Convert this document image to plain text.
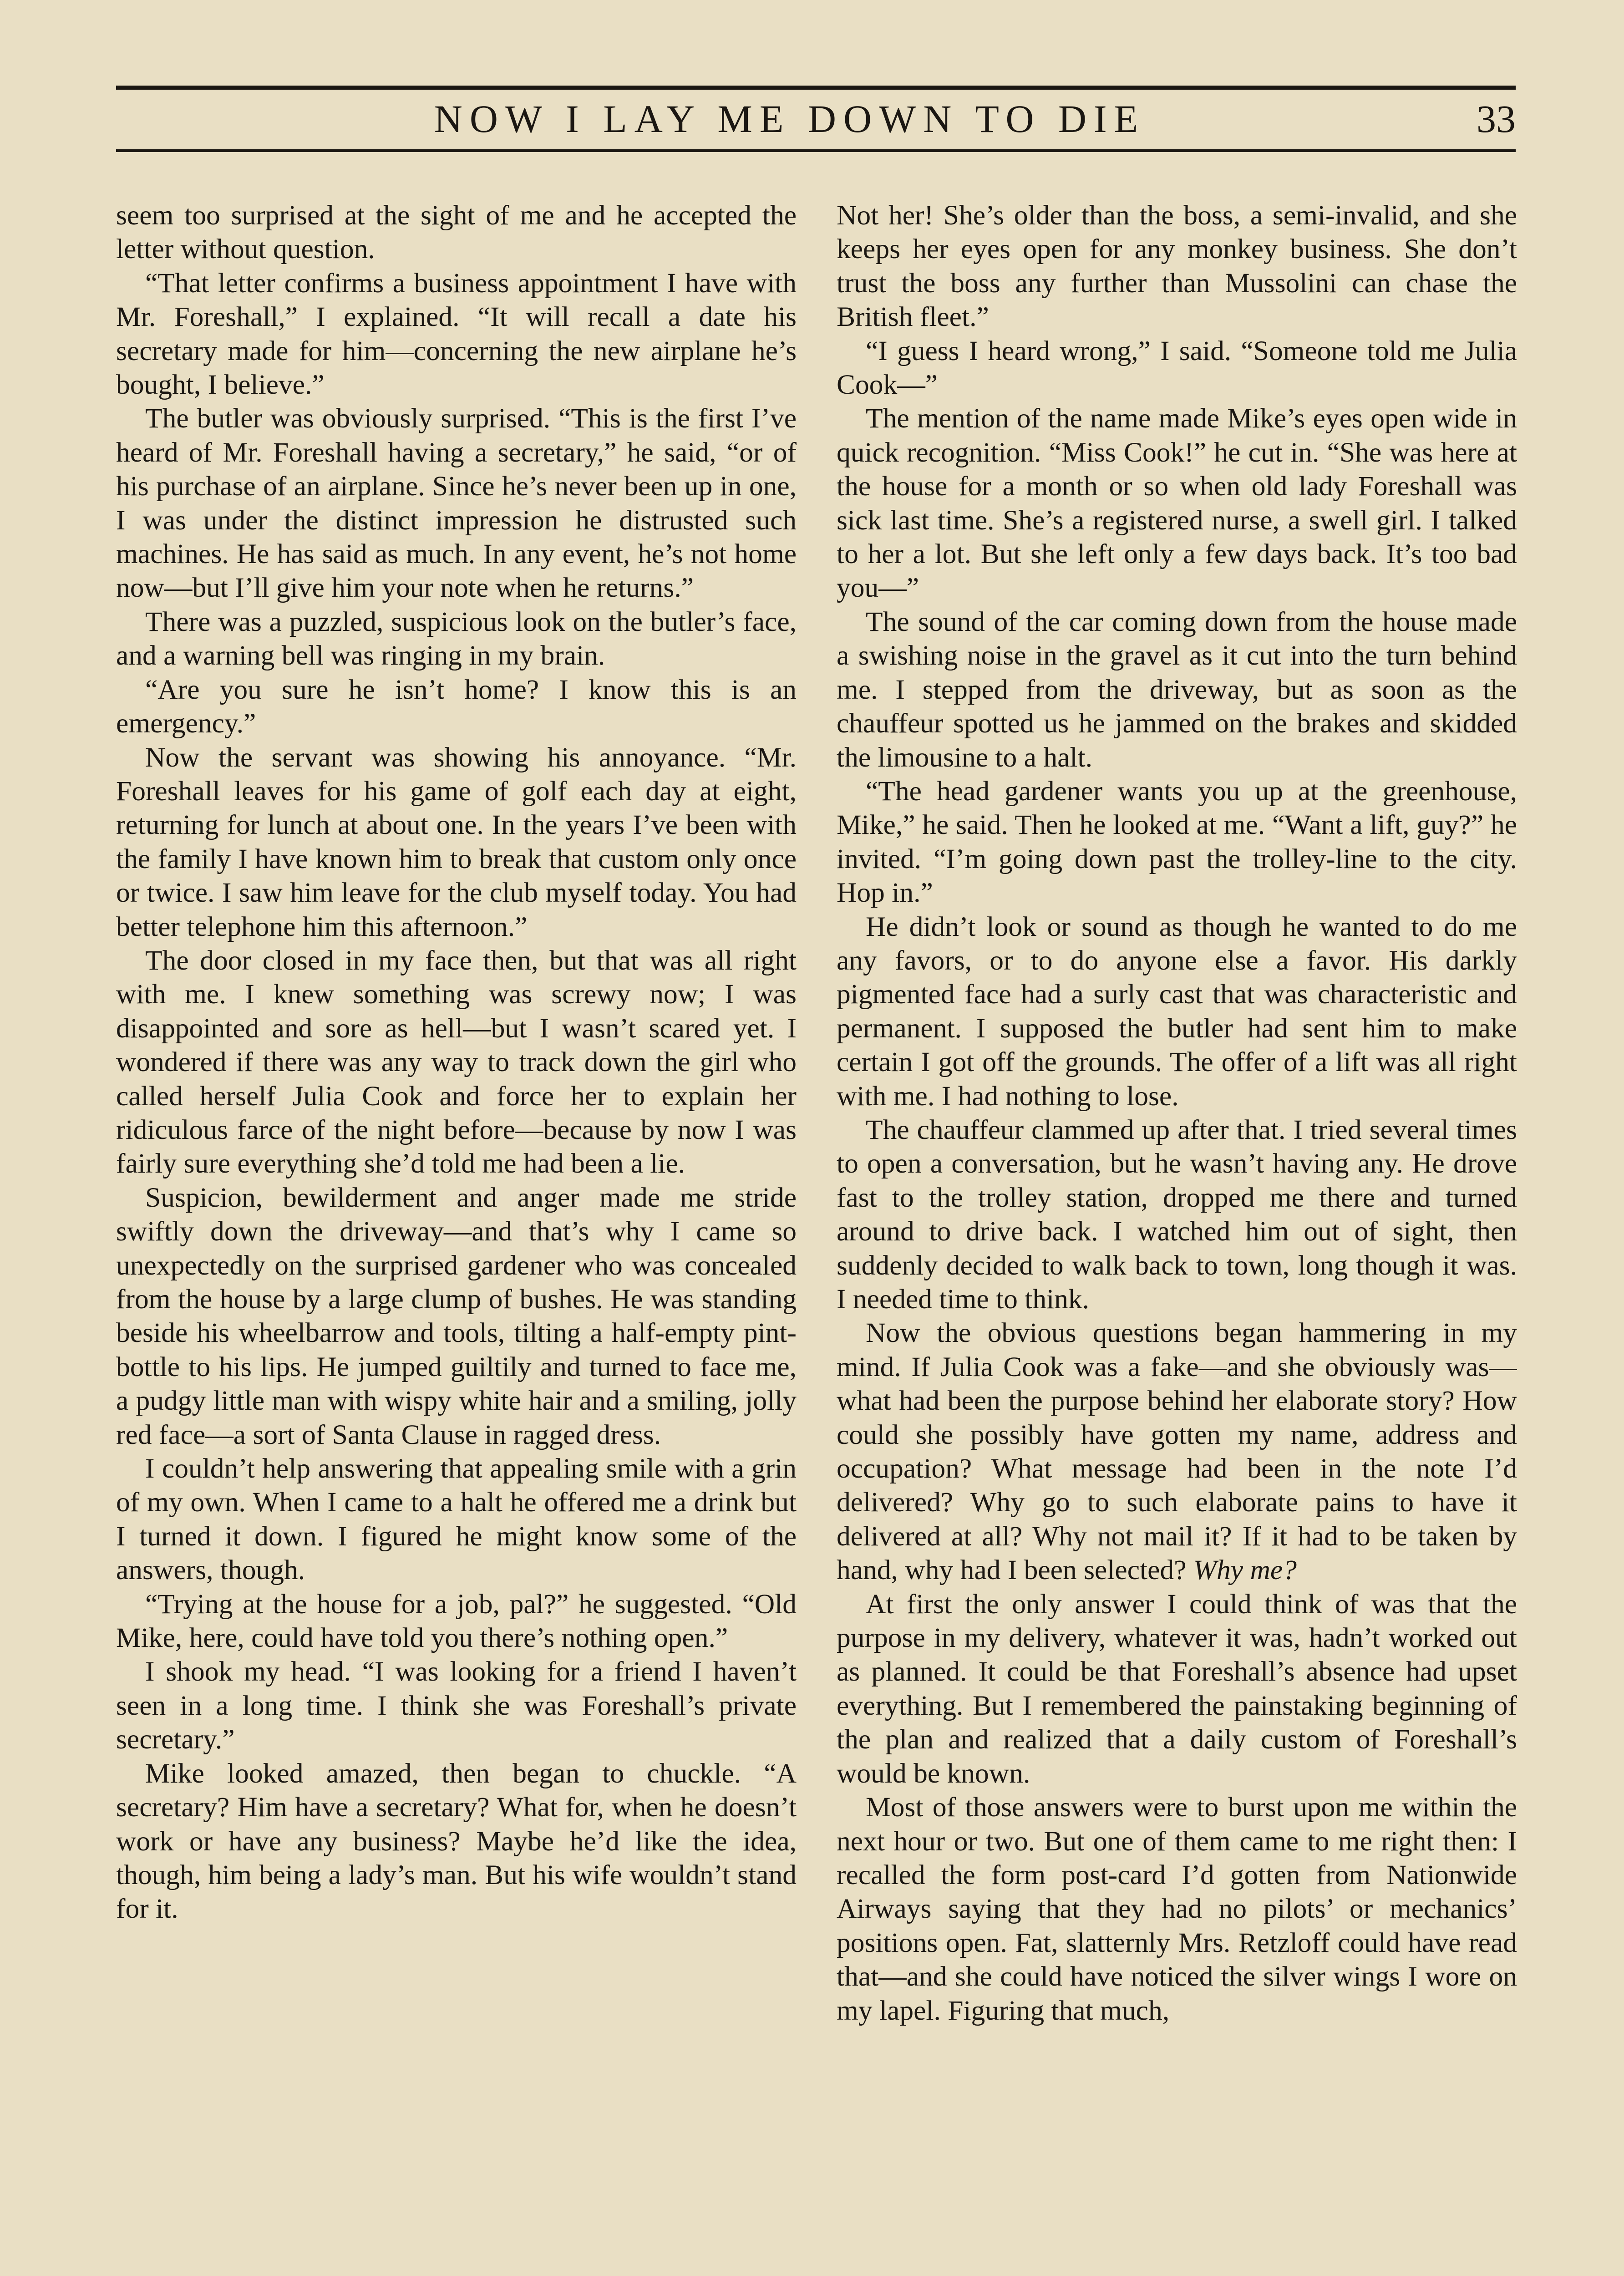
NOW I LAY ME DOWN TO DIE	33

seem too surprised at the sight of me and he accepted the letter without question.

“That letter confirms a business appointment I have with Mr. Foreshall,” I explained. “It will recall a date his secretary made for him—concerning the new airplane he’s bought, I believe.”

The butler was obviously surprised. “This is the first I’ve heard of Mr. Foreshall having a secretary,” he said, “or of his purchase of an airplane. Since he’s never been up in one, I was under the distinct impression he distrusted such machines. He has said as much. In any event, he’s not home now—but I’ll give him your note when he returns.”

There was a puzzled, suspicious look on the butler’s face, and a warning bell was ringing in my brain.

“Are you sure he isn’t home? I know this is an emergency.”

Now the servant was showing his annoyance. “Mr. Foreshall leaves for his game of golf each day at eight, returning for lunch at about one. In the years I’ve been with the family I have known him to break that custom only once or twice. I saw him leave for the club myself today. You had better telephone him this afternoon.”

The door closed in my face then, but that was all right with me. I knew something was screwy now; I was disappointed and sore as hell—but I wasn’t scared yet. I wondered if there was any way to track down the girl who called herself Julia Cook and force her to explain her ridiculous farce of the night before—because by now I was fairly sure everything she’d told me had been a lie.

Suspicion, bewilderment and anger made me stride swiftly down the driveway—and that’s why I came so unexpectedly on the surprised gardener who was concealed from the house by a large clump of bushes. He was standing beside his wheelbarrow and tools, tilting a half-empty pint-bottle to his lips. He jumped guiltily and turned to face me, a pudgy little man with wispy white hair and a smiling, jolly red face—a sort of Santa Clause in ragged dress.

I couldn’t help answering that appealing smile with a grin of my own. When I came to a halt he offered me a drink but I turned it down. I figured he might know some of the answers, though.

“Trying at the house for a job, pal?” he suggested. “Old Mike, here, could have told you there’s nothing open.”

I shook my head. “I was looking for a friend I haven’t seen in a long time. I think she was Foreshall’s private secretary.”

Mike looked amazed, then began to chuckle. “A secretary? Him have a secretary? What for, when he doesn’t work or have any business? Maybe he’d like the idea, though, him being a lady’s man. But his wife wouldn’t stand for it.

Not her! She’s older than the boss, a semi-invalid, and she keeps her eyes open for any monkey business. She don’t trust the boss any further than Mussolini can chase the British fleet.”

“I guess I heard wrong,” I said. “Someone told me Julia Cook—”

The mention of the name made Mike’s eyes open wide in quick recognition. “Miss Cook!” he cut in. “She was here at the house for a month or so when old lady Foreshall was sick last time. She’s a registered nurse, a swell girl. I talked to her a lot. But she left only a few days back. It’s too bad you—”

The sound of the car coming down from the house made a swishing noise in the gravel as it cut into the turn behind me. I stepped from the driveway, but as soon as the chauffeur spotted us he jammed on the brakes and skidded the limousine to a halt.

“The head gardener wants you up at the greenhouse, Mike,” he said. Then he looked at me. “Want a lift, guy?” he invited. “I’m going down past the trolley-line to the city. Hop in.”

He didn’t look or sound as though he wanted to do me any favors, or to do anyone else a favor. His darkly pigmented face had a surly cast that was characteristic and permanent. I supposed the butler had sent him to make certain I got off the grounds. The offer of a lift was all right with me. I had nothing to lose.

The chauffeur clammed up after that. I tried several times to open a conversation, but he wasn’t having any. He drove fast to the trolley station, dropped me there and turned around to drive back. I watched him out of sight, then suddenly decided to walk back to town, long though it was. I needed time to think.

Now the obvious questions began hammering in my mind. If Julia Cook was a fake—and she obviously was—what had been the purpose behind her elaborate story? How could she possibly have gotten my name, address and occupation? What message had been in the note I’d delivered? Why go to such elaborate pains to have it delivered at all? Why not mail it? If it had to be taken by hand, why had I been selected? Why me?

At first the only answer I could think of was that the purpose in my delivery, whatever it was, hadn’t worked out as planned. It could be that Foreshall’s absence had upset everything. But I remembered the painstaking beginning of the plan and realized that a daily custom of Foreshall’s would be known.

Most of those answers were to burst upon me within the next hour or two. But one of them came to me right then: I recalled the form post-card I’d gotten from Nationwide Airways saying that they had no pilots’ or mechanics’ positions open. Fat, slatternly Mrs. Retzloff could have read that—and she could have noticed the silver wings I wore on my lapel. Figuring that much,
